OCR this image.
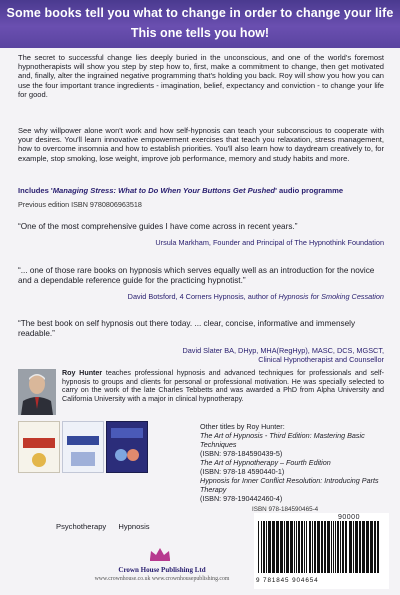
Some books tell you what to change in order to change your life
This one tells you how!

The secret to successful change lies deeply buried in the unconscious, and one of the world's foremost hypnotherapists will show you step by step how to, first, make a commitment to change, then get motivated and, finally, alter the ingrained negative programming that's holding you back. Roy will show you how you can use the four important trance ingredients - imagination, belief, expectancy and conviction - to change your life for good.

See why willpower alone won't work and how self-hypnosis can teach your subconscious to cooperate with your desires. You'll learn innovative empowerment exercises that teach you relaxation, stress management, how to overcome insomnia and how to establish priorities. You'll also learn how to daydream creatively to, for example, stop smoking, lose weight, improve job performance, memory and study habits and more.

Includes 'Managing Stress: What to Do When Your Buttons Get Pushed' audio programme
Previous edition ISBN 9780806963518

“One of the most comprehensive guides I have come across in recent years.”

Ursula Markham, Founder and Principal of The Hypnothink Foundation

“... one of those rare books on hypnosis which serves equally well as an introduction for the novice and a dependable reference guide for the practicing hypnotist.”

David Botsford, 4 Corners Hypnosis, author of Hypnosis for Smoking Cessation

“The best book on self hypnosis out there today. ... clear, concise, informative and immensely readable.”

David Slater BA, DHyp, MHA(RegHyp), MASC, DCS, MGSCT,
Clinical Hypnotherapist and Counsellor

Roy Hunter teaches professional hypnosis and advanced techniques for professionals and self-hypnosis to groups and clients for personal or professional motivation. He was specially selected to carry on the work of the late Charles Tebbetts and was awarded a PhD from Alpha University and California University with a major in clinical hypnotherapy.

Other titles by Roy Hunter:
The Art of Hypnosis - Third Edition: Mastering Basic Techniques
(ISBN: 978-184590439-5)
The Art of Hypnotherapy – Fourth Edition
(ISBN: 978-18 4590440-1)
Hypnosis for Inner Conflict Resolution: Introducing Parts Therapy
(ISBN: 978-190442460-4)
Psychotherapy Hypnosis
Crown House Publishing Ltd
www.crownhouse.co.uk www.crownhousepublishing.com
ISBN 978-184590465-4
90000
9 781845 904654
